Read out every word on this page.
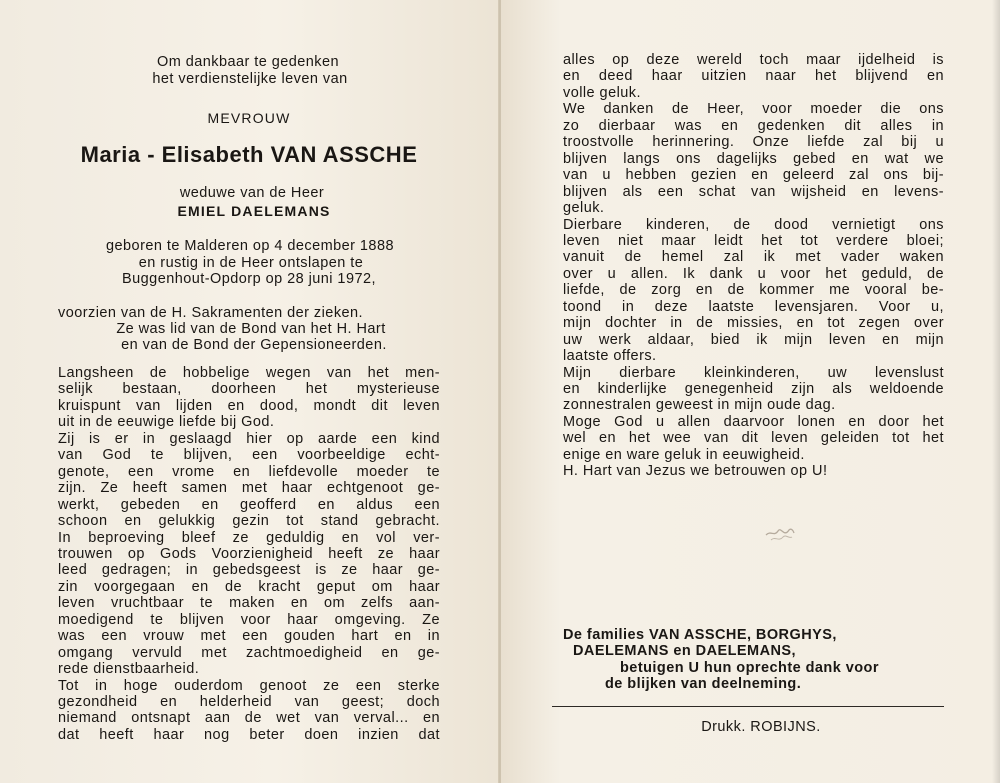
Om dankbaar te gedenken
het verdienstelijke leven van
MEVROUW
Maria - Elisabeth VAN ASSCHE
weduwe van de Heer
EMIEL DAELEMANS
geboren te Malderen op 4 december 1888
en rustig in de Heer ontslapen te
Buggenhout-Opdorp op 28 juni 1972,
voorzien van de H. Sakramenten der zieken.
Ze was lid van de Bond van het H. Hart
en van de Bond der Gepensioneerden.
Langsheen de hobbelige wegen van het men-
selijk bestaan, doorheen het mysterieuse
kruispunt van lijden en dood, mondt dit leven
uit in de eeuwige liefde bij God.
Zij is er in geslaagd hier op aarde een kind
van God te blijven, een voorbeeldige echt-
genote, een vrome en liefdevolle moeder te
zijn. Ze heeft samen met haar echtgenoot ge-
werkt, gebeden en geofferd en aldus een
schoon en gelukkig gezin tot stand gebracht.
In beproeving bleef ze geduldig en vol ver-
trouwen op Gods Voorzienigheid heeft ze haar
leed gedragen; in gebedsgeest is ze haar ge-
zin voorgegaan en de kracht geput om haar
leven vruchtbaar te maken en om zelfs aan-
moedigend te blijven voor haar omgeving. Ze
was een vrouw met een gouden hart en in
omgang vervuld met zachtmoedigheid en ge-
rede dienstbaarheid.
Tot in hoge ouderdom genoot ze een sterke
gezondheid en helderheid van geest; doch
niemand ontsnapt aan de wet van verval... en
dat heeft haar nog beter doen inzien dat
alles op deze wereld toch maar ijdelheid is
en deed haar uitzien naar het blijvend en
volle geluk.
We danken de Heer, voor moeder die ons
zo dierbaar was en gedenken dit alles in
troostvolle herinnering. Onze liefde zal bij u
blijven langs ons dagelijks gebed en wat we
van u hebben gezien en geleerd zal ons bij-
blijven als een schat van wijsheid en levens-
geluk.
Dierbare kinderen, de dood vernietigt ons
leven niet maar leidt het tot verdere bloei;
vanuit de hemel zal ik met vader waken
over u allen. Ik dank u voor het geduld, de
liefde, de zorg en de kommer me vooral be-
toond in deze laatste levensjaren. Voor u,
mijn dochter in de missies, en tot zegen over
uw werk aldaar, bied ik mijn leven en mijn
laatste offers.
Mijn dierbare kleinkinderen, uw levenslust
en kinderlijke genegenheid zijn als weldoende
zonnestralen geweest in mijn oude dag.
Moge God u allen daarvoor lonen en door het
wel en het wee van dit leven geleiden tot het
enige en ware geluk in eeuwigheid.
H. Hart van Jezus we betrouwen op U!
De families VAN ASSCHE, BORGHYS,
DAELEMANS en DAELEMANS,
betuigen U hun oprechte dank voor
de blijken van deelneming.
Drukk. ROBIJNS.
